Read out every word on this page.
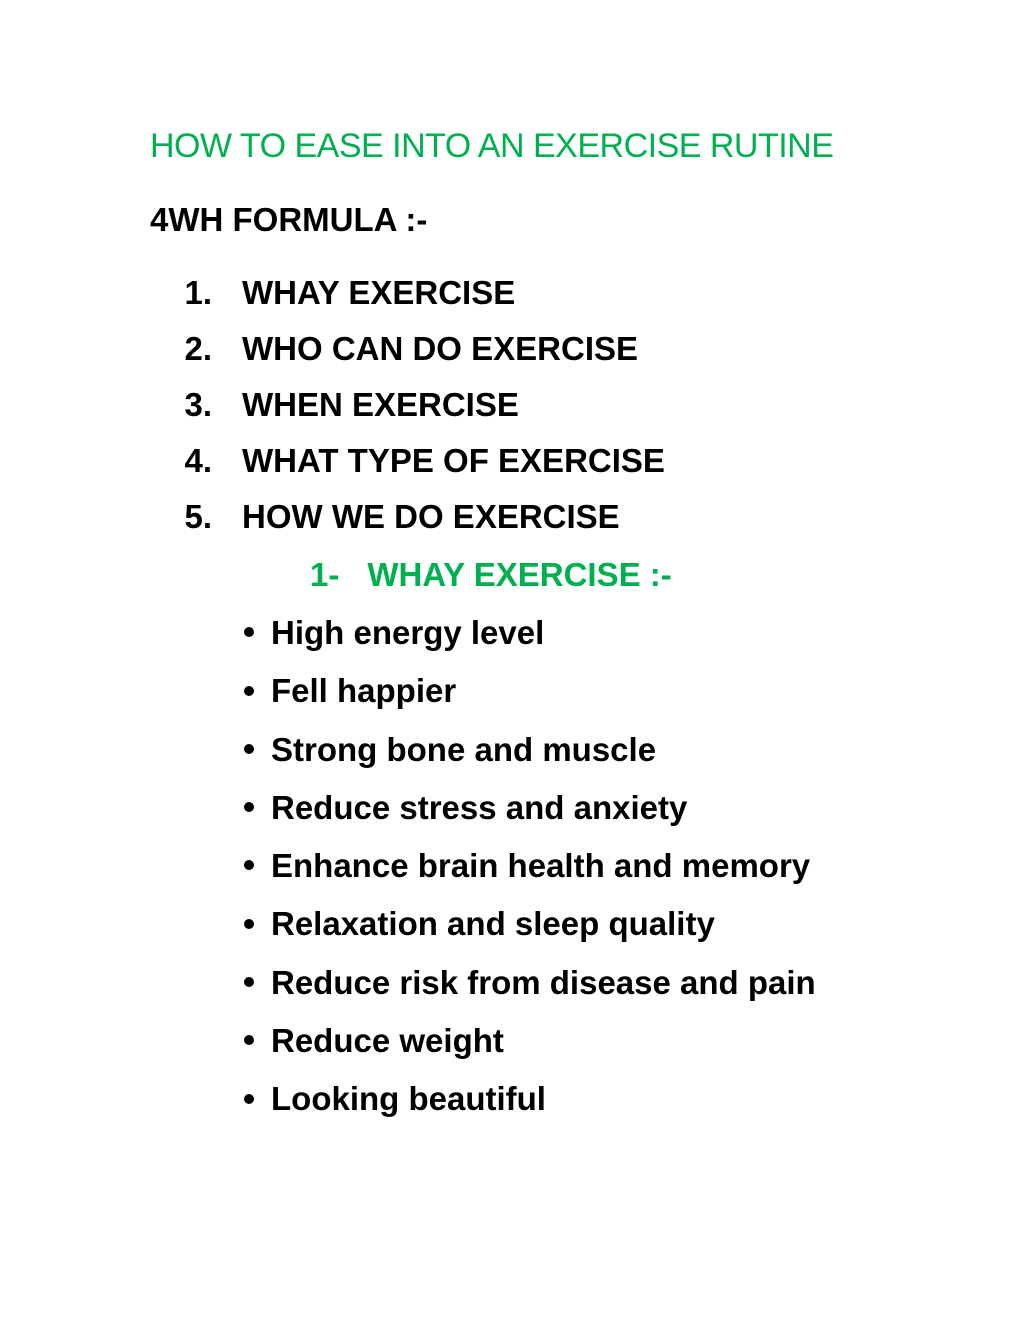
HOW TO EASE INTO AN EXERCISE RUTINE
4WH FORMULA :-
1. WHAY EXERCISE
2. WHO CAN DO EXERCISE
3. WHEN EXERCISE
4. WHAT TYPE OF EXERCISE
5. HOW WE DO EXERCISE
1- WHAY EXERCISE :-
High energy level
Fell happier
Strong bone and muscle
Reduce stress and anxiety
Enhance brain health and memory
Relaxation and sleep quality
Reduce risk from disease and pain
Reduce weight
Looking beautiful
